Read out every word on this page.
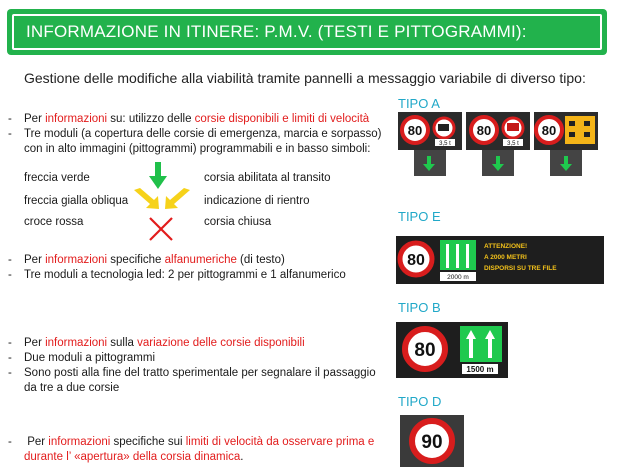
INFORMAZIONE IN ITINERE: P.M.V. (TESTI E PITTOGRAMMI):
Gestione delle modifiche alla viabilità tramite pannelli a messaggio variabile di diverso tipo:
- Per informazioni su: utilizzo delle corsie disponibili e limiti di velocità
- Tre moduli (a copertura delle corsie di emergenza, marcia e sorpasso)
con in alto immagini (pittogrammi) programmabili e in basso simboli:
freccia verde	corsia abilitata al transito
freccia gialla obliqua	indicazione di rientro
croce rossa	corsia chiusa
- Per informazioni specifiche alfanumeriche (di testo)
- Tre moduli a tecnologia led: 2 per pittogrammi e 1 alfanumerico
- Per informazioni sulla variazione delle corsie disponibili
- Due moduli a pittogrammi
- Sono posti alla fine del tratto sperimentale per segnalare il passaggio
da tre a due corsie
- Per informazioni specifiche sui limiti di velocità da osservare prima e
durante l’ «apertura» della corsia dinamica.
TIPO A
TIPO E
TIPO B
TIPO D
80
3,5 t
80
3,5 t
80
80
2000 m
ATTENZIONE!
A 2000 METRI
DISPORSI SU TRE FILE
80
1500 m
90
